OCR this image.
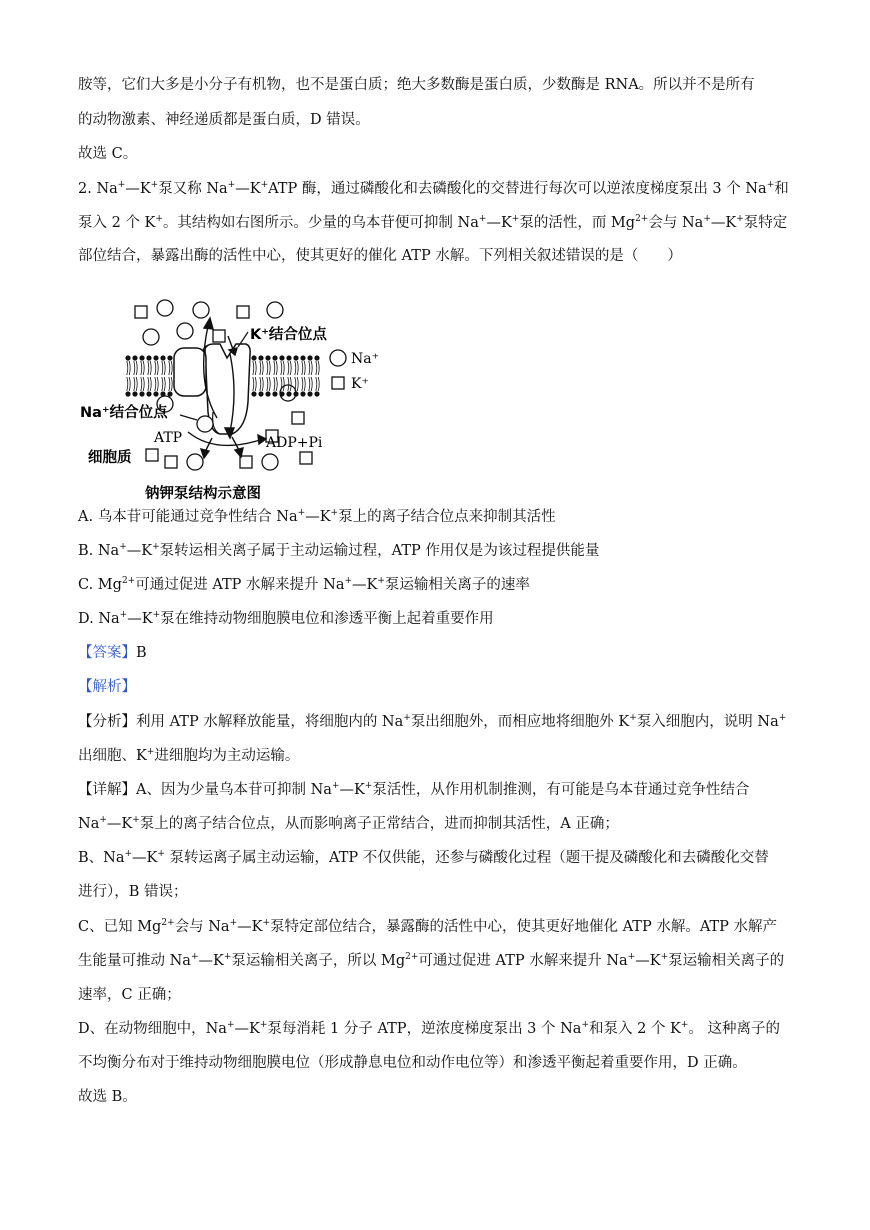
胺等，它们大多是小分子有机物，也不是蛋白质；绝大多数酶是蛋白质，少数酶是 RNA。所以并不是所有
的动物激素、神经递质都是蛋白质，D 错误。
故选 C。
2. Na+—K+泵又称 Na+—K+ATP 酶，通过磷酸化和去磷酸化的交替进行每次可以逆浓度梯度泵出 3 个 Na+和
泵入 2 个 K+。其结构如右图所示。少量的乌本苷便可抑制 Na+—K+泵的活性，而 $Mg^{2+}$会与 Na+—K+泵特定
部位结合，暴露出酶的活性中心，使其更好的催化 ATP 水解。下列相关叙述错误的是（　　）
A. 乌本苷可能通过竞争性结合 Na+—K+泵上的离子结合位点来抑制其活性
B. Na+—K+泵转运相关离子属于主动运输过程，ATP 作用仅是为该过程提供能量
C. $Mg^{2+}$可通过促进 ATP 水解来提升 Na+—K+泵运输相关离子的速率
D. Na+—K+泵在维持动物细胞膜电位和渗透平衡上起着重要作用
【答案】B
【解析】
【分析】利用 ATP 水解释放能量，将细胞内的 Na+泵出细胞外，而相应地将细胞外 K+泵入细胞内，说明 Na+
出细胞、K+进细胞均为主动运输。
【详解】A、因为少量乌本苷可抑制 Na+—K+泵活性，从作用机制推测，有可能是乌本苷通过竞争性结合
Na+—K+泵上的离子结合位点，从而影响离子正常结合，进而抑制其活性，A 正确；
B、Na+—K+ 泵转运离子属主动运输，ATP 不仅供能，还参与磷酸化过程（题干提及磷酸化和去磷酸化交替
进行），B 错误；
C、已知 $Mg^{2+}$会与 Na+—K+泵特定部位结合，暴露酶的活性中心，使其更好地催化 ATP 水解。ATP 水解产
生能量可推动 Na+—K+泵运输相关离子，所以 $Mg^{2+}$可通过促进 ATP 水解来提升 Na+—K+泵运输相关离子的
速率，C 正确；
D、在动物细胞中，Na+—K+泵每消耗 1 分子 ATP，逆浓度梯度泵出 3 个 Na+和泵入 2 个 K+。 这种离子的
不均衡分布对于维持动物细胞膜电位（形成静息电位和动作电位等）和渗透平衡起着重要作用，D 正确。
故选 B。
Na⁺
K⁺
K⁺结合位点
Na⁺结合位点
ATP	ADP+Pi
细胞质
钠钾泵结构示意图
